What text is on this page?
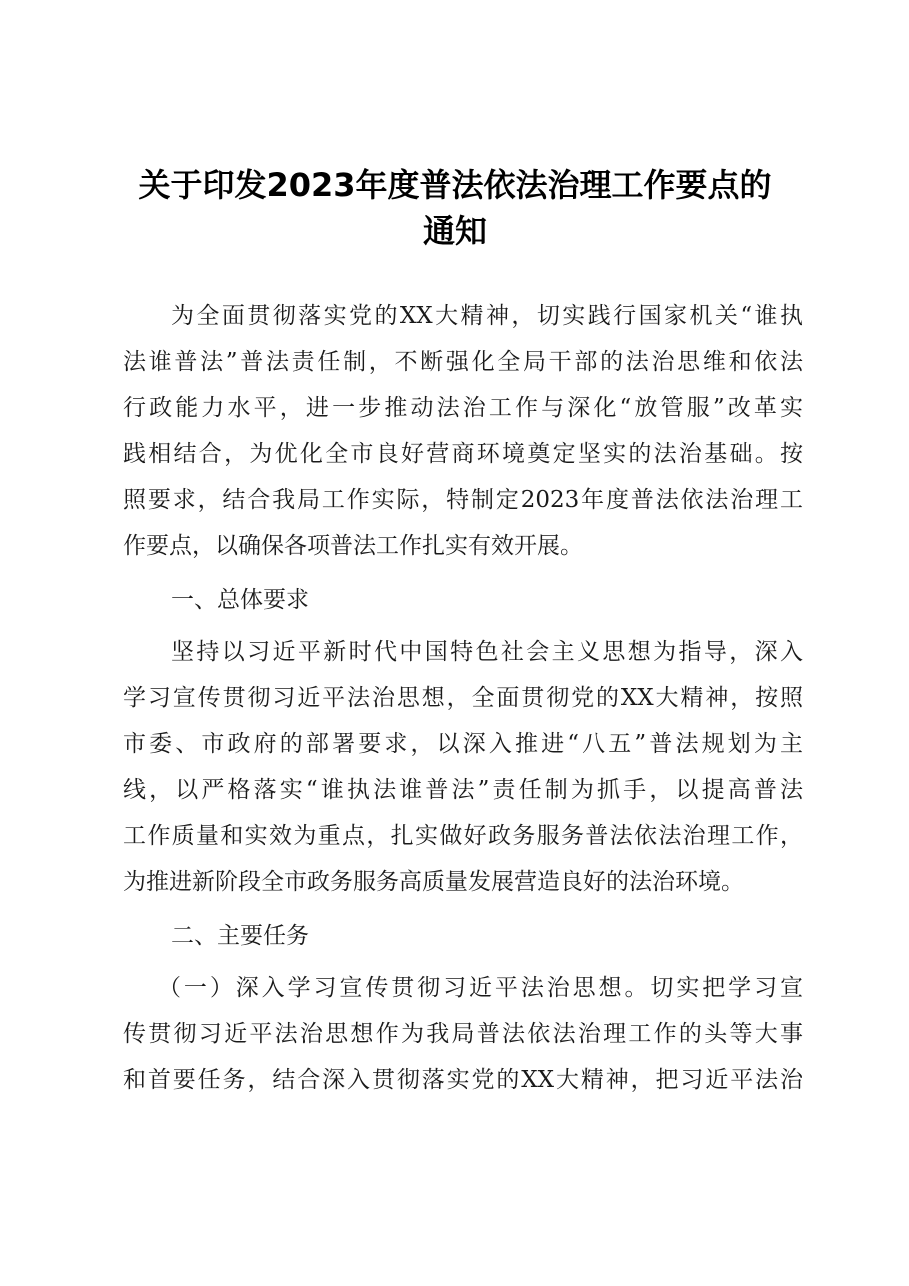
关于印发2023年度普法依法治理工作要点的
通知
为全面贯彻落实党的XX大精神，切实践行国家机关“谁执
法谁普法”普法责任制，不断强化全局干部的法治思维和依法
行政能力水平，进一步推动法治工作与深化“放管服”改革实
践相结合，为优化全市良好营商环境奠定坚实的法治基础。按
照要求，结合我局工作实际，特制定2023年度普法依法治理工
作要点，以确保各项普法工作扎实有效开展。
一、总体要求
坚持以习近平新时代中国特色社会主义思想为指导，深入
学习宣传贯彻习近平法治思想，全面贯彻党的XX大精神，按照
市委、市政府的部署要求，以深入推进“八五”普法规划为主
线，以严格落实“谁执法谁普法”责任制为抓手，以提高普法
工作质量和实效为重点，扎实做好政务服务普法依法治理工作，
为推进新阶段全市政务服务高质量发展营造良好的法治环境。
二、主要任务
（一）深入学习宣传贯彻习近平法治思想。切实把学习宣
传贯彻习近平法治思想作为我局普法依法治理工作的头等大事
和首要任务，结合深入贯彻落实党的XX大精神，把习近平法治
